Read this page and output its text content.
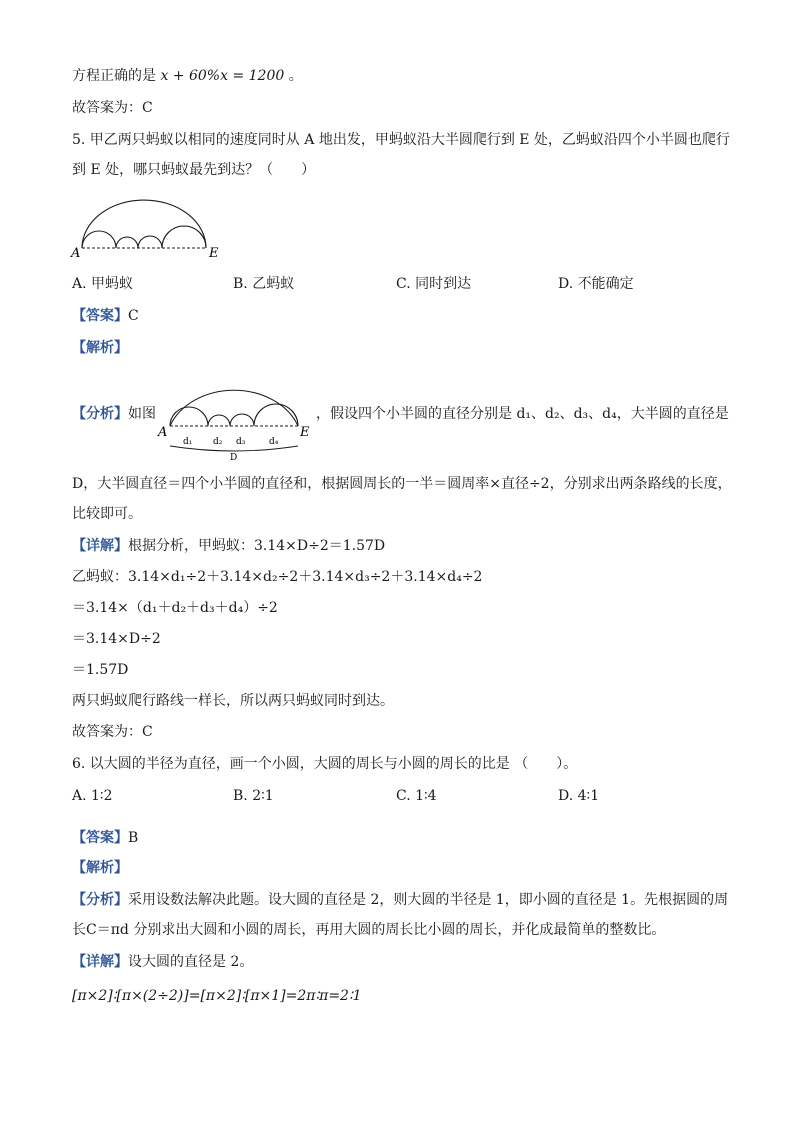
方程正确的是 x + 60%x = 1200 。
故答案为：C
5. 甲乙两只蚂蚁以相同的速度同时从 A 地出发，甲蚂蚁沿大半圆爬行到 E 处，乙蚂蚁沿四个小半圆也爬行
到 E 处，哪只蚂蚁最先到达？（　　）
A	E
A. 甲蚂蚁	B. 乙蚂蚁	C. 同时到达	D. 不能确定
【答案】C
【解析】
【分析】如图	，假设四个小半圆的直径分别是 d₁、d₂、d₃、d₄，大半圆的直径是
A	E
d₁ d₂ d₃	d₄
D
D，大半圆直径＝四个小半圆的直径和，根据圆周长的一半＝圆周率×直径÷2，分别求出两条路线的长度，
比较即可。
【详解】根据分析，甲蚂蚁：3.14×D÷2＝1.57D
乙蚂蚁：3.14×d₁÷2＋3.14×d₂÷2＋3.14×d₃÷2＋3.14×d₄÷2
＝3.14×（d₁＋d₂＋d₃＋d₄）÷2
＝3.14×D÷2
＝1.57D
两只蚂蚁爬行路线一样长，所以两只蚂蚁同时到达。
故答案为：C
6. 以大圆的半径为直径，画一个小圆，大圆的周长与小圆的周长的比是 （　　）。
A. 1∶2	B. 2∶1	C. 1∶4	D. 4∶1
【答案】B
【解析】
【分析】采用设数法解决此题。设大圆的直径是 2，则大圆的半径是 1，即小圆的直径是 1。先根据圆的周
长C＝πd 分别求出大圆和小圆的周长，再用大圆的周长比小圆的周长，并化成最简单的整数比。
【详解】设大圆的直径是 2。
[π×2]∶[π×(2÷2)]=[π×2]∶[π×1]=2π∶π=2∶1
